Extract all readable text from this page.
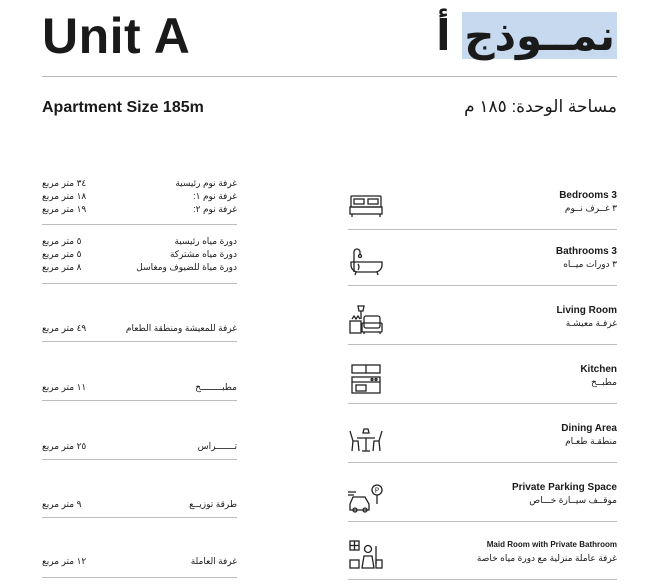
Unit A	نمــوذج أ
Apartment Size 185m	مساحة الوحدة: ١٨٥ م
٣٤ متر مربع	غرفة نوم رئيسية
١٨ متر مربع	غرفة نوم ١:
١٩ متر مربع	غرفة نوم ٢:
٥ متر مربع	دورة مياه رئيسية
٥ متر مربع	دورة مياه مشتركة
٨ متر مربع	دورة مياة للضيوف ومغاسل
٤٩ متر مربع	غرفة للمعيشة ومنطقة الطعام
١١ متر مربع	مطبــــــــخ
٢٥ متر مربع	تـــــــراس
٩ متر مربع	طرقة توزيــع
١٢ متر مربع	غرفة العاملة
Bedrooms 3
٣ غــرف نــوم
Bathrooms 3
٣ دورات ميــاه
Living Room
غرفـة معيشـة
Kitchen
مطبــخ
Dining Area
منطقـة طعـام
P	Private Parking Space
موقــف سيــارة خـــاص
Maid Room with Private Bathroom
غرفة عاملة منزلية مع دورة مياه خاصة
